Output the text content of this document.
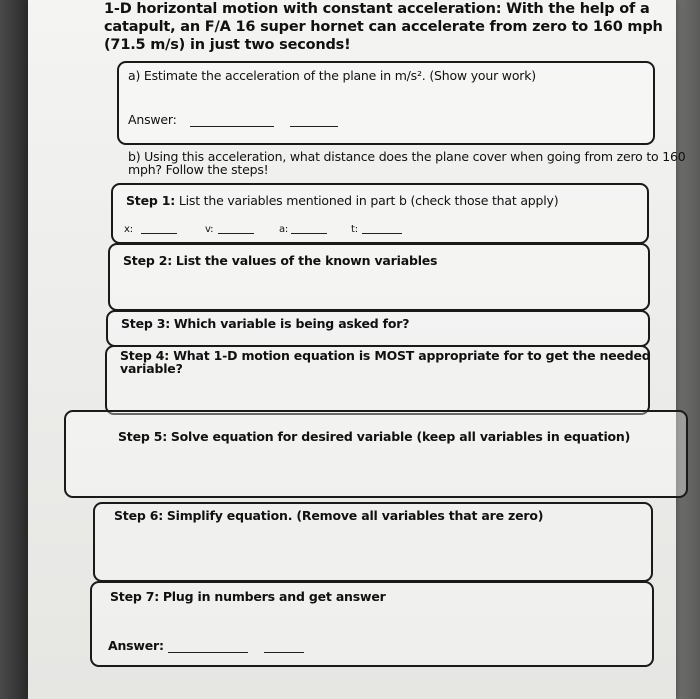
1-D horizontal motion with constant acceleration: With the help of a
catapult, an F/A 16 super hornet can accelerate from zero to 160 mph
(71.5 m/s) in just two seconds!
a) Estimate the acceleration of the plane in m/s². (Show your work)
Answer:
b) Using this acceleration, what distance does the plane cover when going from zero to 160
mph? Follow the steps!
Step 1: List the variables mentioned in part b (check those that apply)
x:	v:	a:	t:
Step 2: List the values of the known variables
Step 3: Which variable is being asked for?
Step 4: What 1-D motion equation is MOST appropriate for to get the needed
variable?
Step 5: Solve equation for desired variable (keep all variables in equation)
Step 6: Simplify equation. (Remove all variables that are zero)
Step 7: Plug in numbers and get answer
Answer:
